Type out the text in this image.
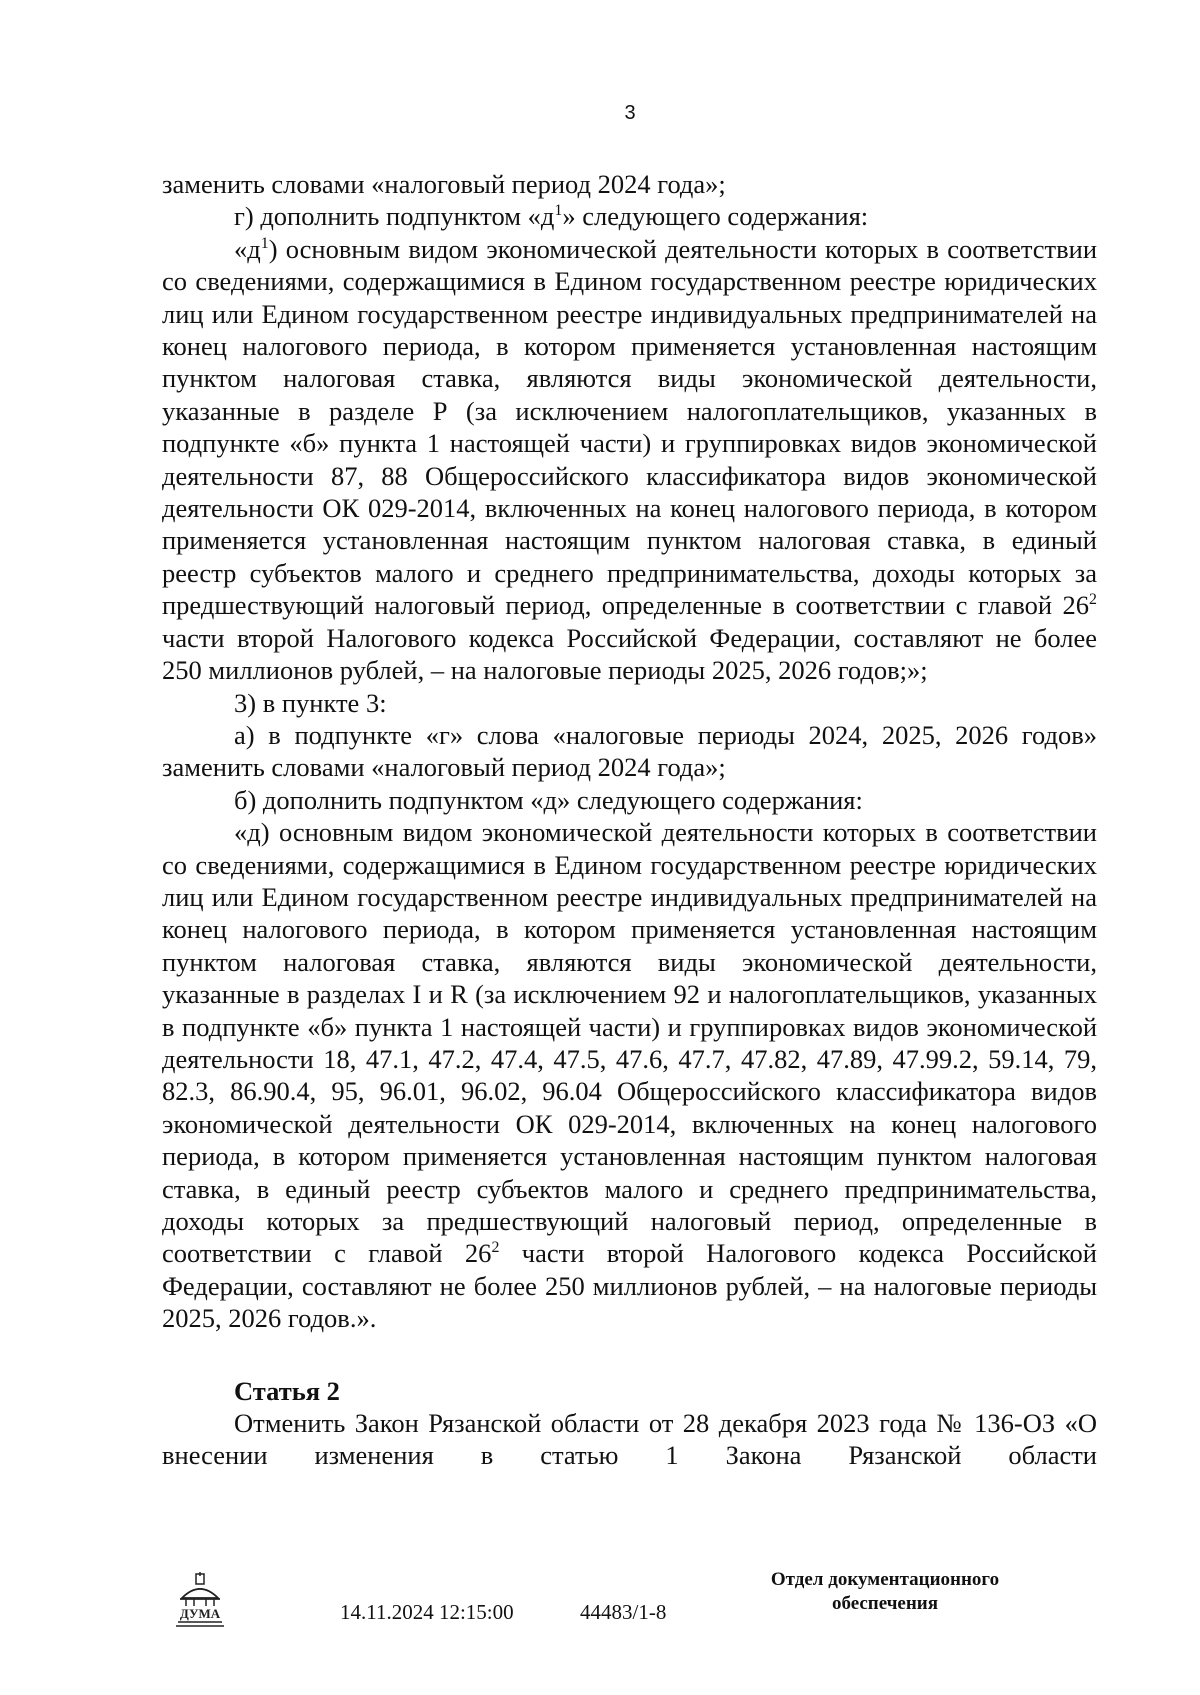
3

заменить словами «налоговый период 2024 года»;

г) дополнить подпунктом «$д^1$» следующего содержания:

«$д^1$) основным видом экономической деятельности которых в соответствии со сведениями, содержащимися в Едином государственном реестре юридических лиц или Едином государственном реестре индивидуальных предпринимателей на конец налогового периода, в котором применяется установленная настоящим пунктом налоговая ставка, являются виды экономической деятельности, указанные в разделе Р (за исключением налогоплательщиков, указанных в подпункте «б» пункта 1 настоящей части) и группировках видов экономической деятельности 87, 88 Общероссийского классификатора видов экономической деятельности ОК 029-2014, включенных на конец налогового периода, в котором применяется установленная настоящим пунктом налоговая ставка, в единый реестр субъектов малого и среднего предпринимательства, доходы которых за предшествующий налоговый период, определенные в соответствии с главой $26^2$ части второй Налогового кодекса Российской Федерации, составляют не более 250 миллионов рублей, – на налоговые периоды 2025, 2026 годов;»;

3) в пункте 3:

а) в подпункте «г» слова «налоговые периоды 2024, 2025, 2026 годов» заменить словами «налоговый период 2024 года»;

б) дополнить подпунктом «д» следующего содержания:

«д) основным видом экономической деятельности которых в соответствии со сведениями, содержащимися в Едином государственном реестре юридических лиц или Едином государственном реестре индивидуальных предпринимателей на конец налогового периода, в котором применяется установленная настоящим пунктом налоговая ставка, являются виды экономической деятельности, указанные в разделах I и R (за исключением 92 и налогоплательщиков, указанных в подпункте «б» пункта 1 настоящей части) и группировках видов экономической деятельности 18, 47.1, 47.2, 47.4, 47.5, 47.6, 47.7, 47.82, 47.89, 47.99.2, 59.14, 79, 82.3, 86.90.4, 95, 96.01, 96.02, 96.04 Общероссийского классификатора видов экономической деятельности ОК 029-2014, включенных на конец налогового периода, в котором применяется установленная настоящим пунктом налоговая ставка, в единый реестр субъектов малого и среднего предпринимательства, доходы которых за предшествующий налоговый период, определенные в соответствии с главой $26^2$ части второй Налогового кодекса Российской Федерации, составляют не более 250 миллионов рублей, – на налоговые периоды 2025, 2026 годов.».

Статья 2

Отменить Закон Рязанской области от 28 декабря 2023 года № 136-ОЗ «О внесении изменения в статью 1 Закона Рязанской области

ДУМА	14.11.2024 12:15:00	44483/1-8
Отдел документационного
обеспечения
